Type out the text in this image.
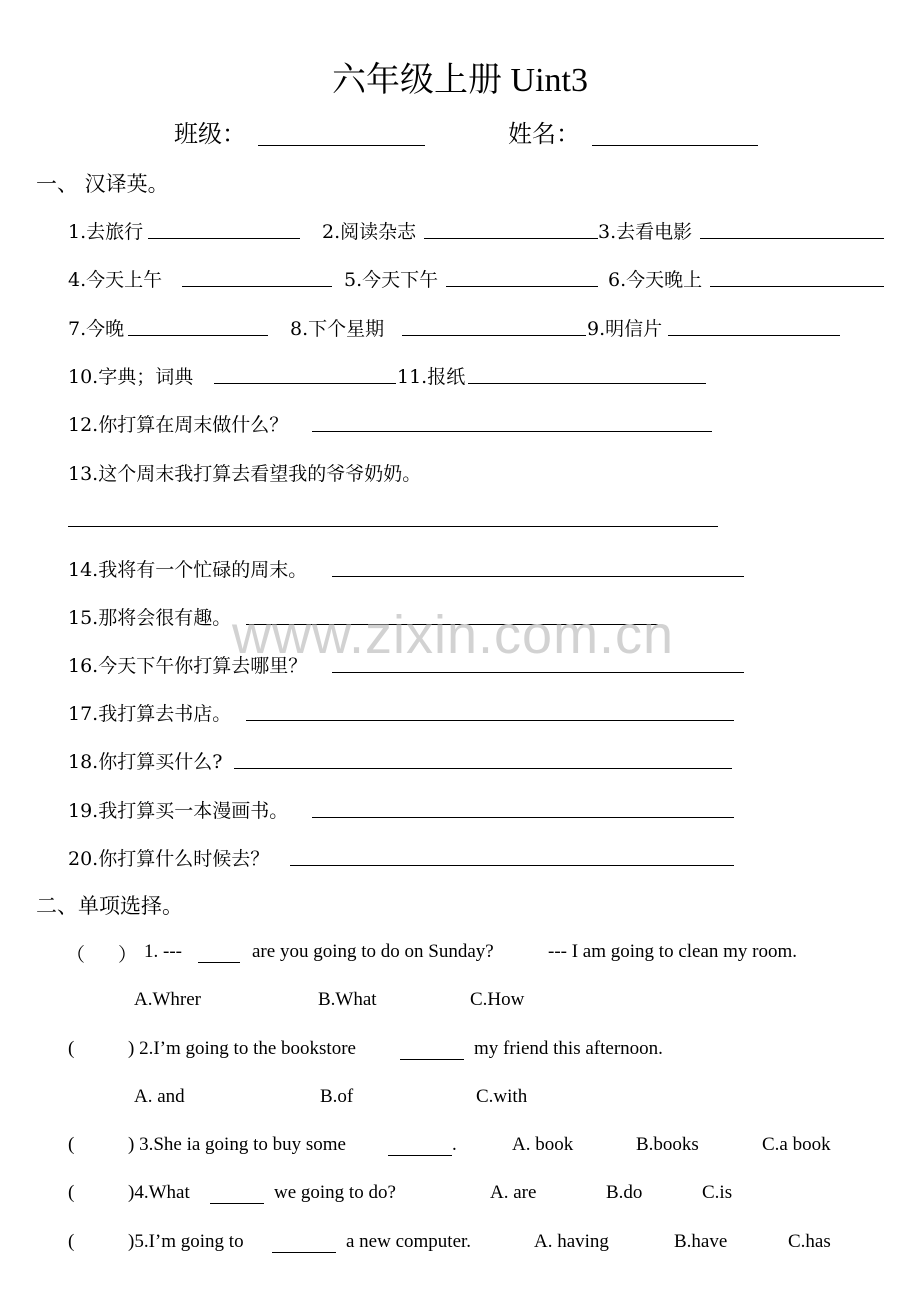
六年级上册 Uint3
班级：	姓名：
一、 汉译英。
1.去旅行	2.阅读杂志	3.去看电影
4.今天上午	5.今天下午	6.今天晚上
7.今晚	8.下个星期	9.明信片
10.字典；词典	11.报纸
12.你打算在周末做什么？
13.这个周末我打算去看望我的爷爷奶奶。
14.我将有一个忙碌的周末。
15.那将会很有趣。
16.今天下午你打算去哪里？
17.我打算去书店。
18.你打算买什么?
19.我打算买一本漫画书。
20.你打算什么时候去？
二、单项选择。
（ ） 1. ---	are you going to do on Sunday?	--- I am going to clean my room.
A.Whrer	B.What	C.How
(	) 2.I’m going to the bookstore	my friend this afternoon.
A. and	B.of	C.with
(	) 3.She ia going to buy some	.	A. book	B.books	C.a book
(	)4.What	we going to do?	A. are	B.do	C.is
(	)5.I’m going to	a new computer.	A. having	B.have	C.has
www.zixin.com.cn
